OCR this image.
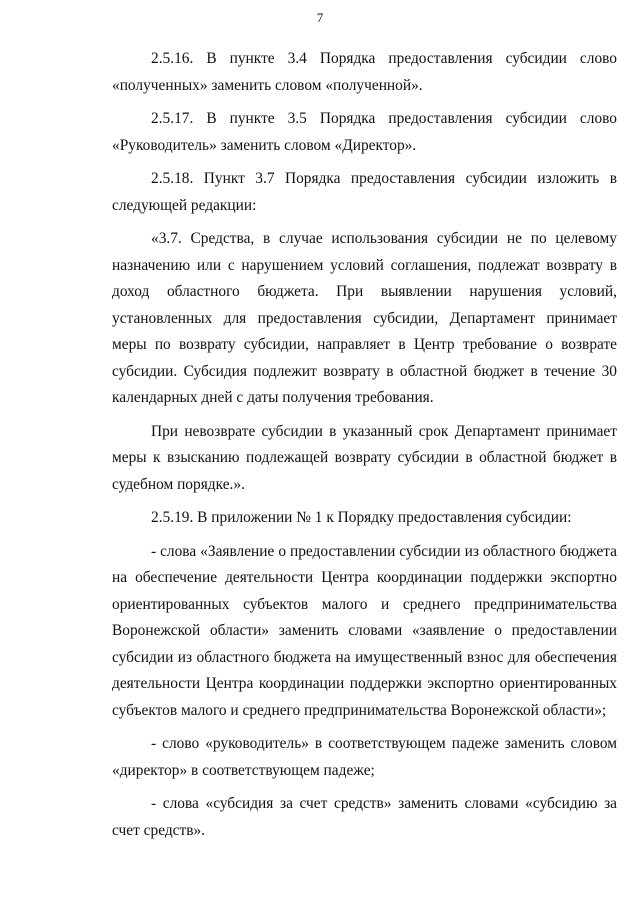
7

2.5.16. В пункте 3.4 Порядка предоставления субсидии слово «полученных» заменить словом «полученной».

2.5.17. В пункте 3.5 Порядка предоставления субсидии слово «Руководитель» заменить словом «Директор».

2.5.18. Пункт 3.7 Порядка предоставления субсидии изложить в следующей редакции:

«3.7. Средства, в случае использования субсидии не по целевому назначению или с нарушением условий соглашения, подлежат возврату в доход областного бюджета. При выявлении нарушения условий, установленных для предоставления субсидии, Департамент принимает меры по возврату субсидии, направляет в Центр требование о возврате субсидии. Субсидия подлежит возврату в областной бюджет в течение 30 календарных дней с даты получения требования.

При невозврате субсидии в указанный срок Департамент принимает меры к взысканию подлежащей возврату субсидии в областной бюджет в судебном порядке.».

2.5.19. В приложении № 1 к Порядку предоставления субсидии:

- слова «Заявление о предоставлении субсидии из областного бюджета на обеспечение деятельности Центра координации поддержки экспортно ориентированных субъектов малого и среднего предпринимательства Воронежской области» заменить словами «заявление о предоставлении субсидии из областного бюджета на имущественный взнос для обеспечения деятельности Центра координации поддержки экспортно ориентированных субъектов малого и среднего предпринимательства Воронежской области»;

- слово «руководитель» в соответствующем падеже заменить словом «директор» в соответствующем падеже;

- слова «субсидия за счет средств» заменить словами «субсидию за счет средств».
